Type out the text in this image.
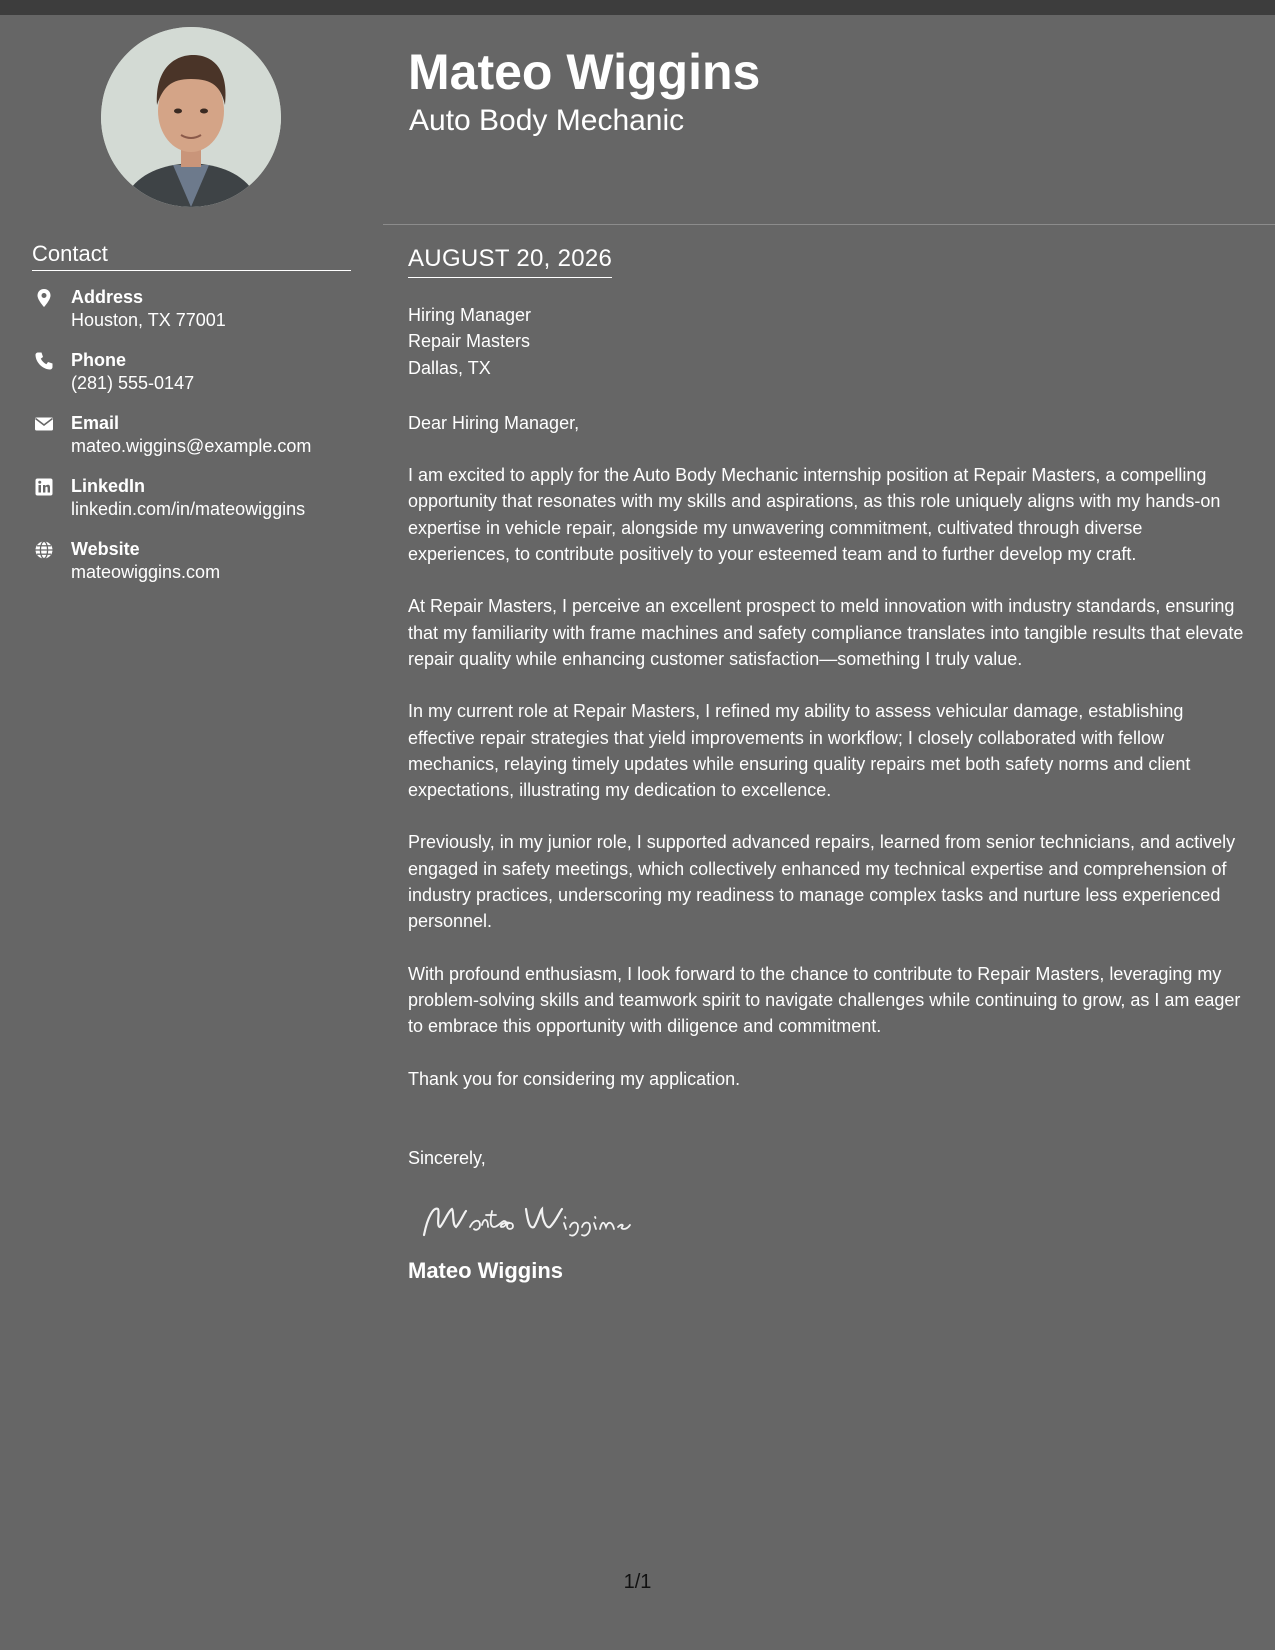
Mateo Wiggins
Auto Body Mechanic
Contact
Address
Houston, TX 77001
Phone
(281) 555-0147
Email
mateo.wiggins@example.com
LinkedIn
linkedin.com/in/mateowiggins
Website
mateowiggins.com
AUGUST 20, 2026
Hiring Manager
Repair Masters
Dallas, TX
Dear Hiring Manager,

I am excited to apply for the Auto Body Mechanic internship position at Repair Masters, a compelling opportunity that resonates with my skills and aspirations, as this role uniquely aligns with my hands-on expertise in vehicle repair, alongside my unwavering commitment, cultivated through diverse experiences, to contribute positively to your esteemed team and to further develop my craft.

At Repair Masters, I perceive an excellent prospect to meld innovation with industry standards, ensuring that my familiarity with frame machines and safety compliance translates into tangible results that elevate repair quality while enhancing customer satisfaction—something I truly value.

In my current role at Repair Masters, I refined my ability to assess vehicular damage, establishing effective repair strategies that yield improvements in workflow; I closely collaborated with fellow mechanics, relaying timely updates while ensuring quality repairs met both safety norms and client expectations, illustrating my dedication to excellence.

Previously, in my junior role, I supported advanced repairs, learned from senior technicians, and actively engaged in safety meetings, which collectively enhanced my technical expertise and comprehension of industry practices, underscoring my readiness to manage complex tasks and nurture less experienced personnel.

With profound enthusiasm, I look forward to the chance to contribute to Repair Masters, leveraging my problem-solving skills and teamwork spirit to navigate challenges while continuing to grow, as I am eager to embrace this opportunity with diligence and commitment.

Thank you for considering my application.

Sincerely,

Mateo Wiggins
1/1
